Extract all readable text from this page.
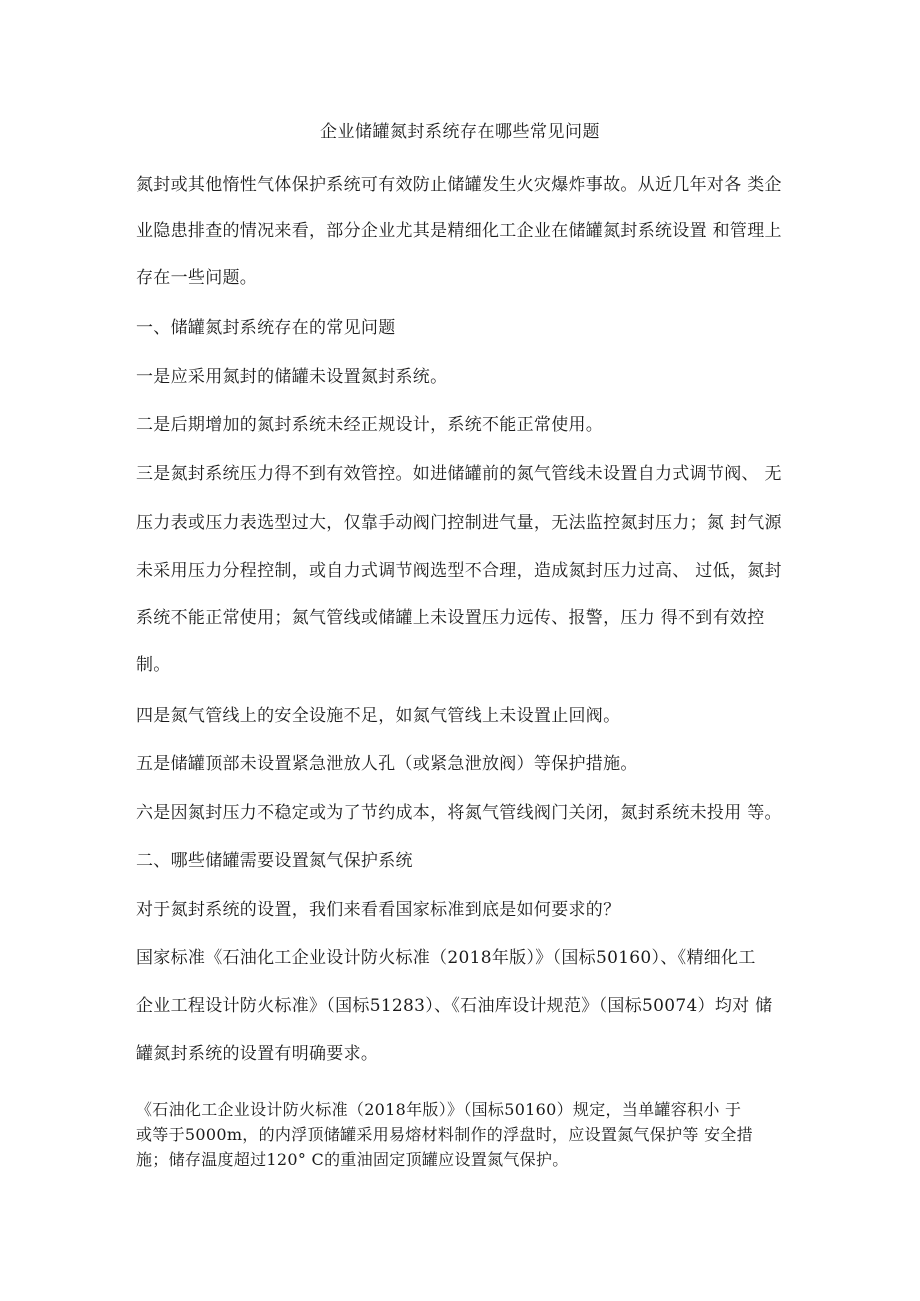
企业储罐氮封系统存在哪些常见问题
氮封或其他惰性气体保护系统可有效防止储罐发生火灾爆炸事故。从近几年对各 类企
业隐患排查的情况来看，部分企业尤其是精细化工企业在储罐氮封系统设置 和管理上
存在一些问题。
一、储罐氮封系统存在的常见问题
一是应采用氮封的储罐未设置氮封系统。
二是后期增加的氮封系统未经正规设计，系统不能正常使用。
三是氮封系统压力得不到有效管控。如进储罐前的氮气管线未设置自力式调节阀、 无
压力表或压力表选型过大，仅靠手动阀门控制进气量，无法监控氮封压力；氮 封气源
未采用压力分程控制，或自力式调节阀选型不合理，造成氮封压力过高、 过低，氮封
系统不能正常使用；氮气管线或储罐上未设置压力远传、报警，压力 得不到有效控
制。
四是氮气管线上的安全设施不足，如氮气管线上未设置止回阀。
五是储罐顶部未设置紧急泄放人孔（或紧急泄放阀）等保护措施。
六是因氮封压力不稳定或为了节约成本，将氮气管线阀门关闭，氮封系统未投用 等。
二、哪些储罐需要设置氮气保护系统
对于氮封系统的设置，我们来看看国家标准到底是如何要求的？
国家标准《石油化工企业设计防火标准（2018年版）》（国标50160）、《精细化工
企业工程设计防火标准》（国标51283）、《石油库设计规范》（国标50074）均对 储
罐氮封系统的设置有明确要求。
《石油化工企业设计防火标准（2018年版）》（国标50160）规定，当单罐容积小 于
或等于5000m，的内浮顶储罐采用易熔材料制作的浮盘时，应设置氮气保护等 安全措
施；储存温度超过120° C的重油固定顶罐应设置氮气保护。
